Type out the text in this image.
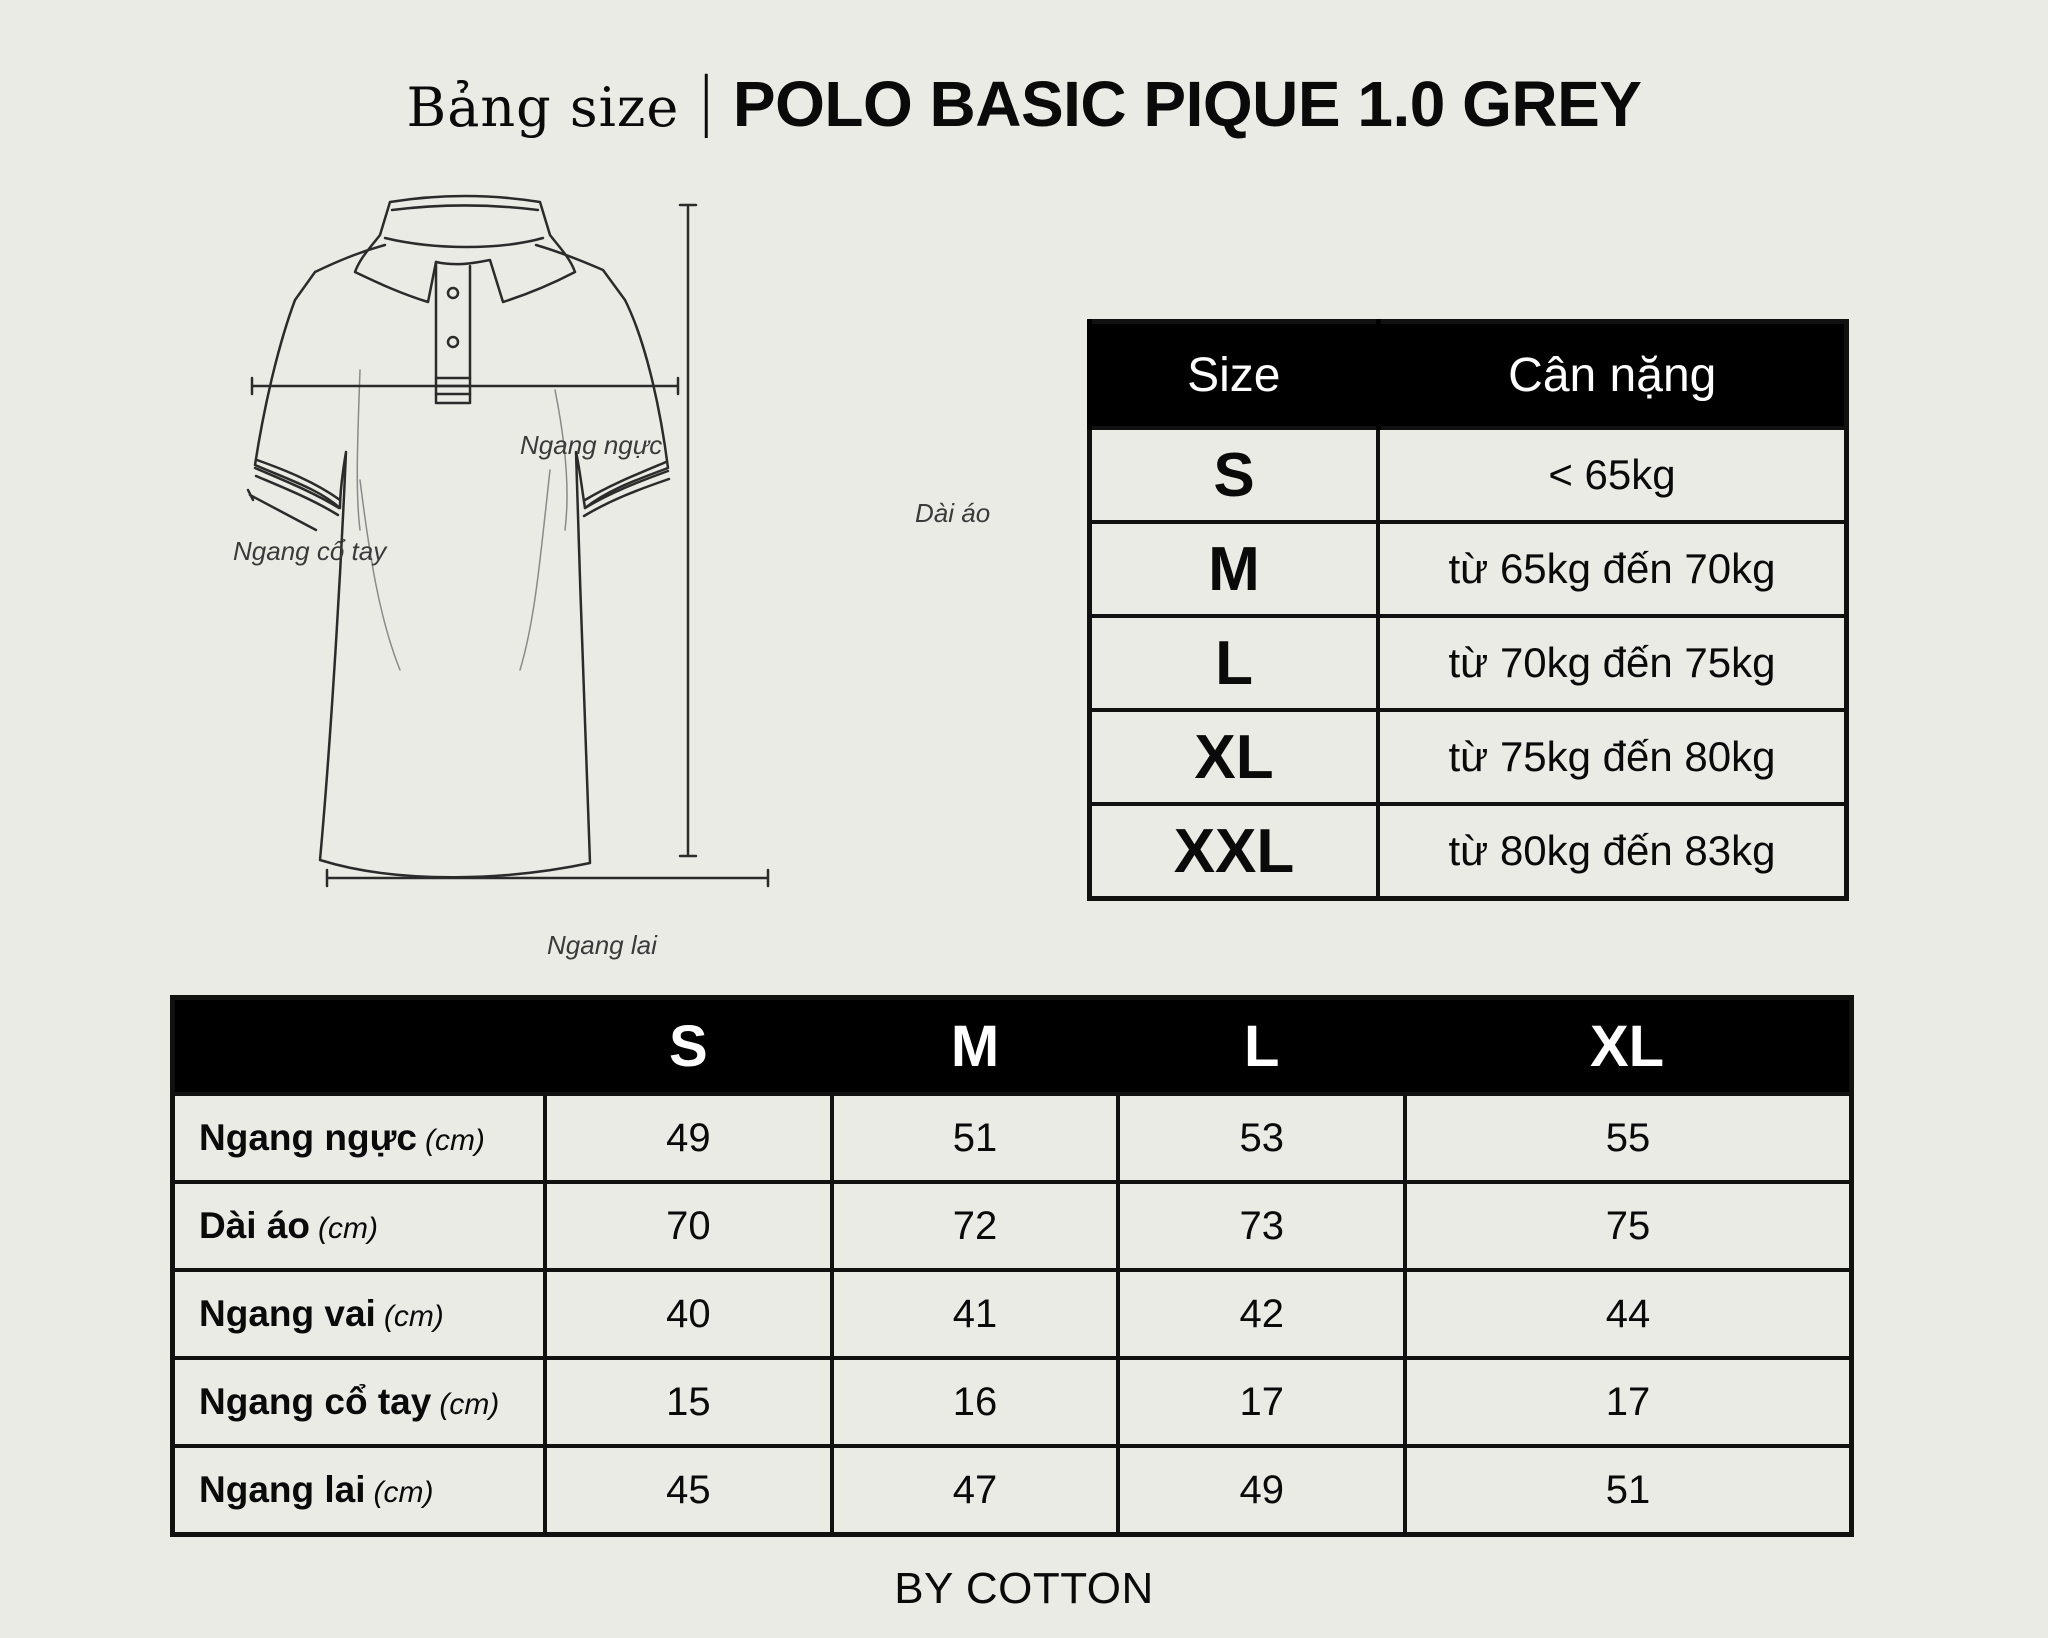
Bảng size | POLO BASIC PIQUE 1.0 GREY
Ngang ngực
Dài áo
Ngang cổ tay
Ngang lai
Size	Cân nặng
S	< 65kg
M	từ 65kg đến 70kg
L	từ 70kg đến 75kg
XL	từ 75kg đến 80kg
XXL	từ 80kg đến 83kg
	S	M	L	XL
Ngang ngực (cm)	49	51	53	55
Dài áo (cm)	70	72	73	75
Ngang vai (cm)	40	41	42	44
Ngang cổ tay (cm)	15	16	17	17
Ngang lai (cm)	45	47	49	51
BY COTTON
